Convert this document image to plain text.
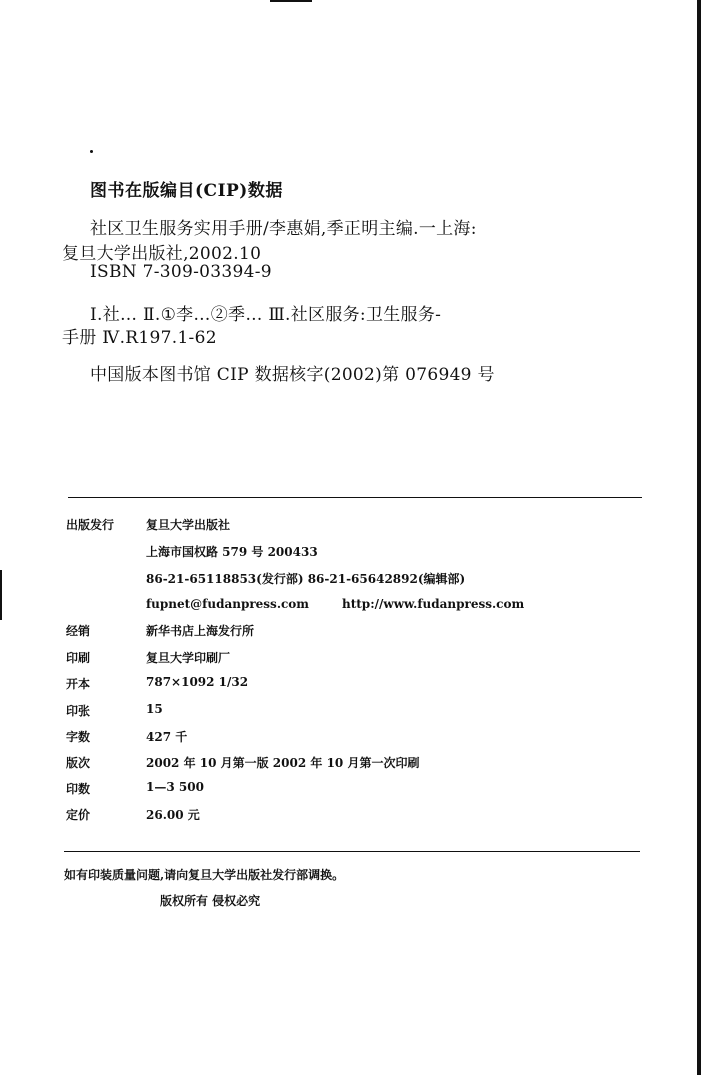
图书在版编目(CIP)数据
社区卫生服务实用手册/李惠娟,季正明主编.一上海:
复旦大学出版社,2002.10
ISBN 7-309-03394-9
Ⅰ.社… Ⅱ.①李…②季… Ⅲ.社区服务:卫生服务-
手册 Ⅳ.R197.1-62
中国版本图书馆 CIP 数据核字(2002)第 076949 号
出版发行	复旦大学出版社
上海市国权路 579 号 200433
86-21-65118853(发行部) 86-21-65642892(编辑部)
fupnet@fudanpress.com	http://www.fudanpress.com
经销	新华书店上海发行所
印刷	复旦大学印刷厂
开本	787×1092 1/32
印张	15
字数	427 千
版次	2002 年 10 月第一版 2002 年 10 月第一次印刷
印数	1—3 500
定价	26.00 元
如有印装质量问题,请向复旦大学出版社发行部调换。
版权所有 侵权必究
